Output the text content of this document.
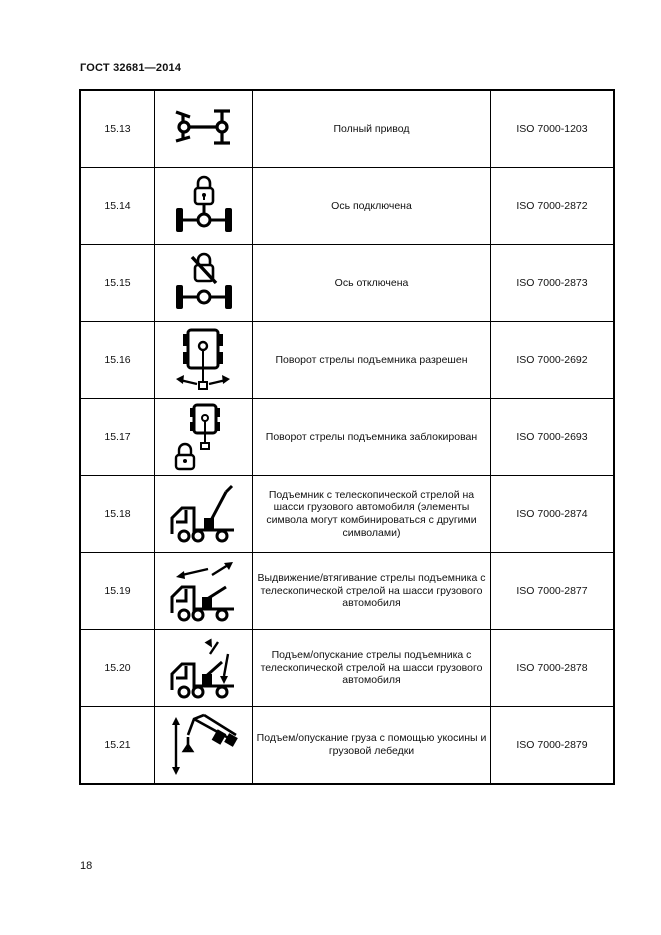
ГОСТ 32681—2014
15.13		Полный привод	ISO 7000-1203
15.14		Ось подключена	ISO 7000-2872
15.15		Ось отключена	ISO 7000-2873
15.16		Поворот стрелы подъемника разрешен	ISO 7000-2692
15.17		Поворот стрелы подъемника заблокирован	ISO 7000-2693
15.18		Подъемник с телескопической стрелой на шасси грузового автомобиля (элементы символа могут комбинироваться с другими символами)	ISO 7000-2874
15.19		Выдвижение/втягивание стрелы подъемника с телескопической стрелой на шасси грузового автомобиля	ISO 7000-2877
15.20		Подъем/опускание стрелы подъемника с телескопической стрелой на шасси грузового автомобиля	ISO 7000-2878
15.21		Подъем/опускание груза с помощью укосины и грузовой лебедки	ISO 7000-2879
18
